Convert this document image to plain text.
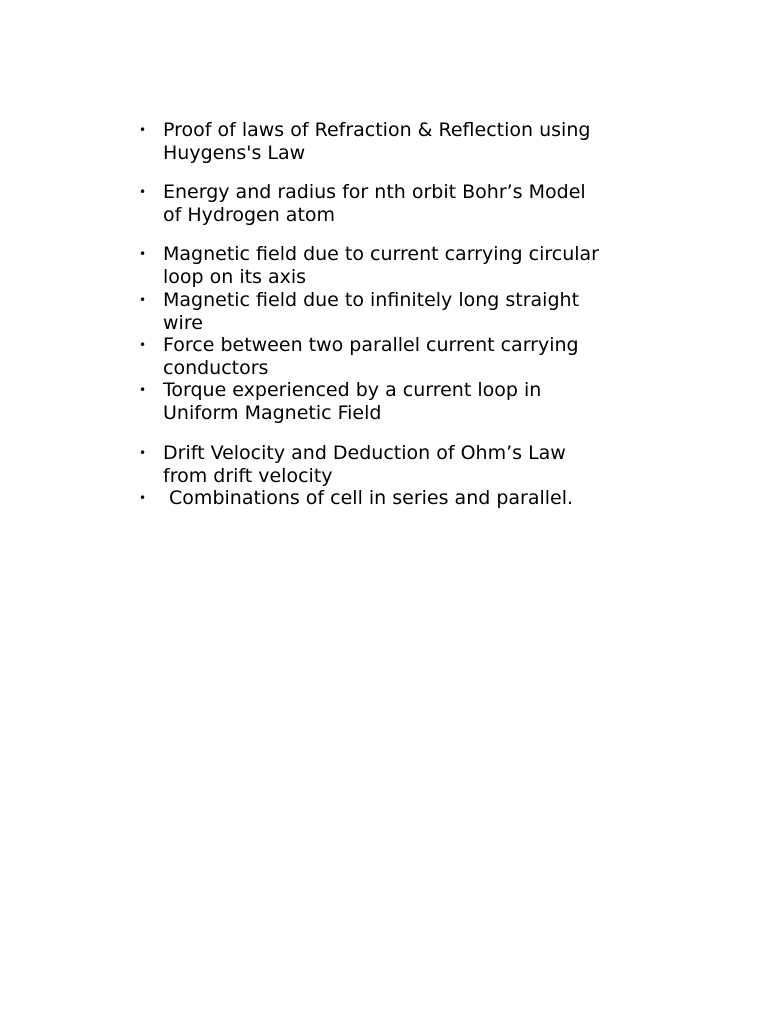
• Proof of laws of Refraction & Reflection using
Huygens's Law
• Energy and radius for nth orbit Bohr’s Model
of Hydrogen atom
• Magnetic field due to current carrying circular
loop on its axis
• Magnetic field due to infinitely long straight
wire
• Force between two parallel current carrying
conductors
• Torque experienced by a current loop in
Uniform Magnetic Field
• Drift Velocity and Deduction of Ohm’s Law
from drift velocity
• Combinations of cell in series and parallel.
